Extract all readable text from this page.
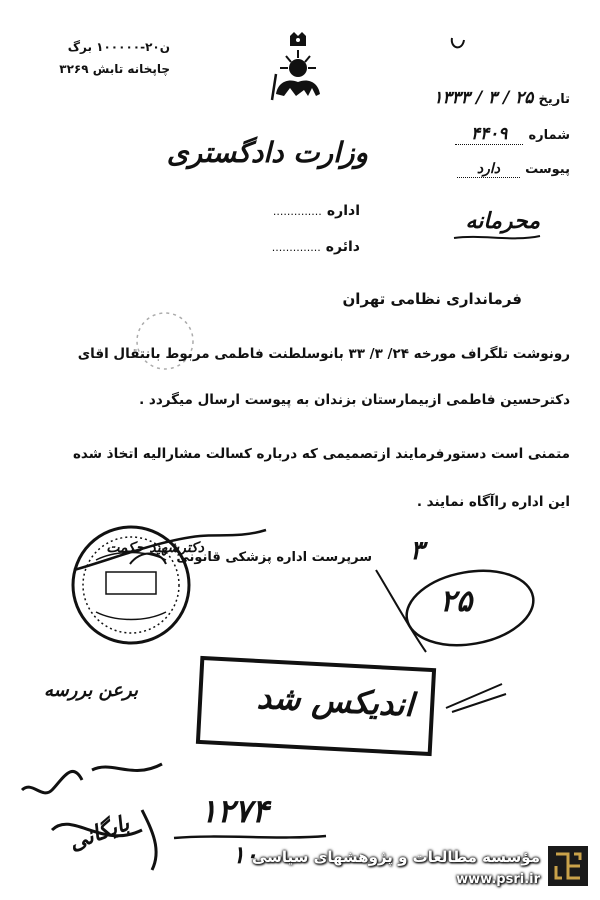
ن۲۰-۱۰۰۰۰۰ برگ
چاپخانه تابش ۳۲۶۹
وزارت دادگستری
اداره ..............
دائره ..............
تاریخ ۲۵ / ۳ / ۱۳۳۳
شماره ۴۴۰۹
پیوست دارد
محرمانه
فرمانداری نظامی تهران
رونوشت تلگراف مورخه ۲۴/ ۳/ ۳۳ بانوسلطنت فاطمی مربوط بانتقال اقای
دکترحسین فاطمی ازبیمارستان بزندان به پیوست ارسال میگردد .
متمنی است دستورفرمایند ازتصمیمی که درباره کسالت مشارالیه اتخاذ شده
این اداره راآگاه نمایند .
سرپرست اداره پزشکی قانونی
دکترشهید حکمت	۳
۲۵
برعن بررسه	اندیکس شد
بایگانی ۱۲۷۴
۱۰
مؤسسه مطالعات و پژوهشهای سیاسی
www.psri.ir
